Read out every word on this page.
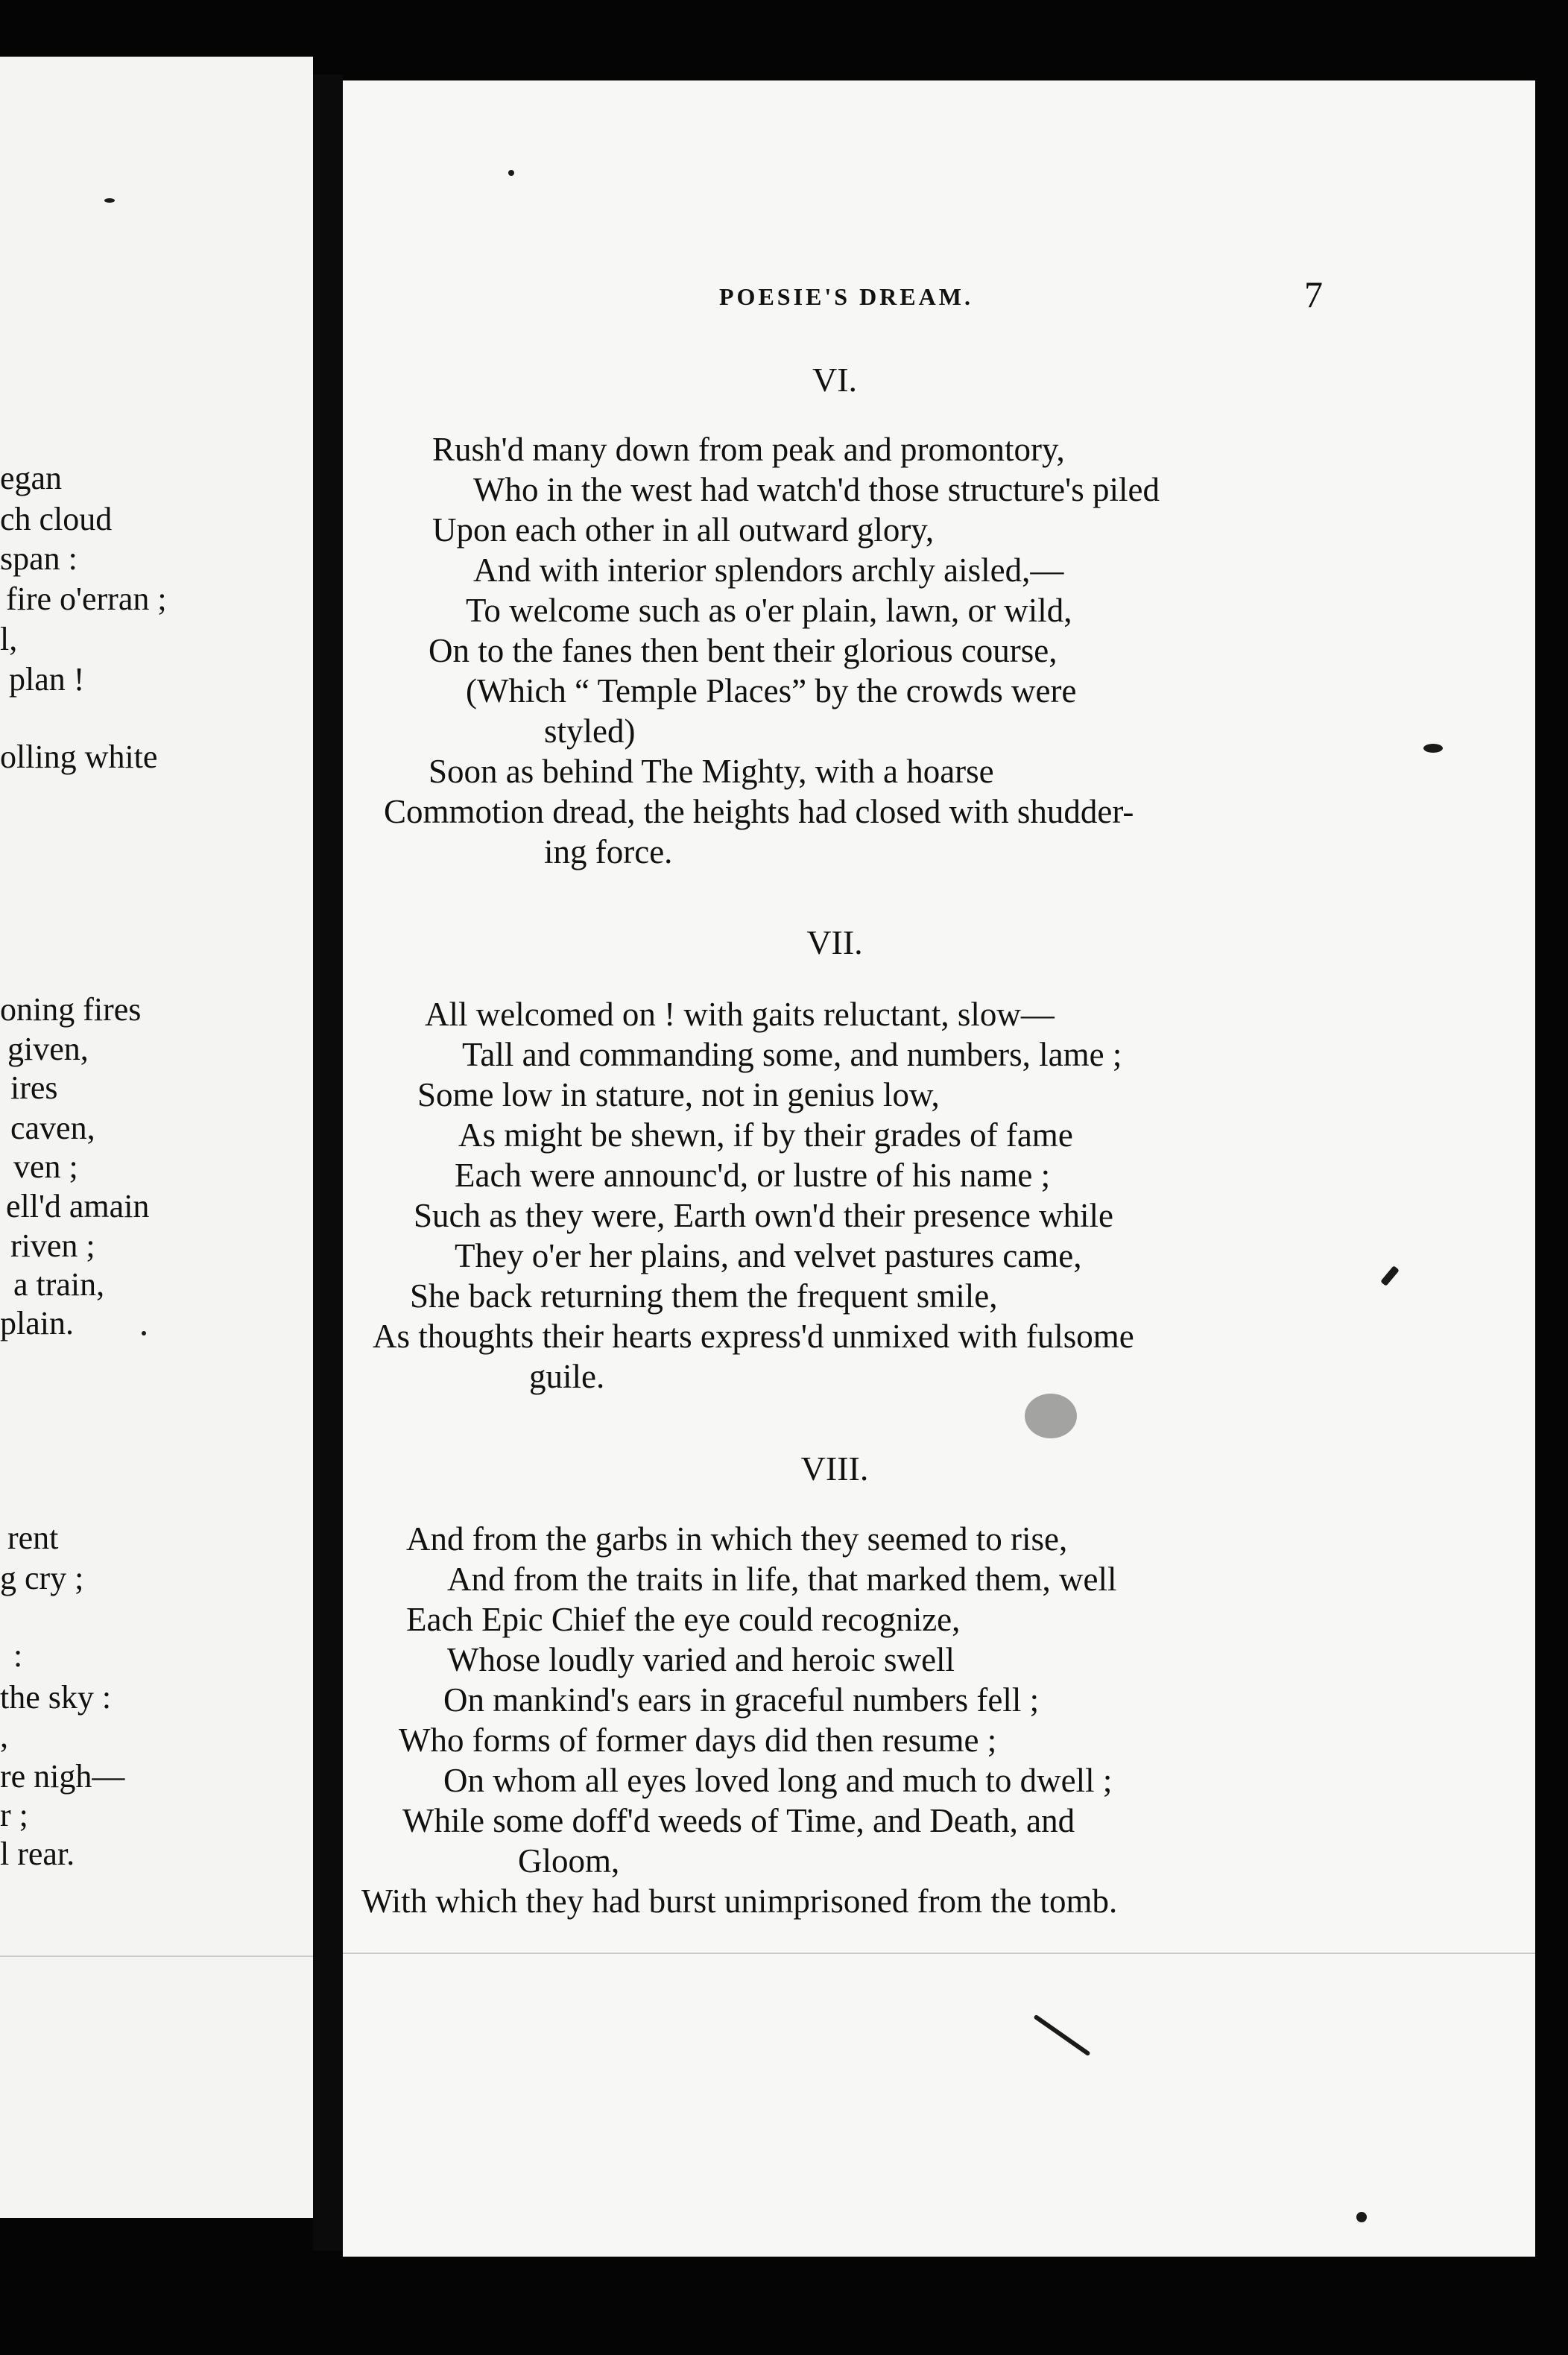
egan
ch cloud
span :
fire o'erran ;
l,
plan !
olling white
oning fires
given,
ires
caven,
ven ;
ell'd amain
riven ;
a train,
plain.
rent
g cry ;
:
the sky :
,
re nigh—
r ;
l rear.
POESIE'S DREAM.	7
VI.
Rush'd many down from peak and promontory,
Who in the west had watch'd those structure's piled
Upon each other in all outward glory,
And with interior splendors archly aisled,—
To welcome such as o'er plain, lawn, or wild,
On to the fanes then bent their glorious course,
(Which “ Temple Places” by the crowds were
styled)
Soon as behind The Mighty, with a hoarse
Commotion dread, the heights had closed with shudder-
ing force.
VII.
All welcomed on ! with gaits reluctant, slow—
Tall and commanding some, and numbers, lame ;
Some low in stature, not in genius low,
As might be shewn, if by their grades of fame
Each were announc'd, or lustre of his name ;
Such as they were, Earth own'd their presence while
They o'er her plains, and velvet pastures came,
She back returning them the frequent smile,
As thoughts their hearts express'd unmixed with fulsome
guile.
VIII.
And from the garbs in which they seemed to rise,
And from the traits in life, that marked them, well
Each Epic Chief the eye could recognize,
Whose loudly varied and heroic swell
On mankind's ears in graceful numbers fell ;
Who forms of former days did then resume ;
On whom all eyes loved long and much to dwell ;
While some doff'd weeds of Time, and Death, and
Gloom,
With which they had burst unimprisoned from the tomb.
